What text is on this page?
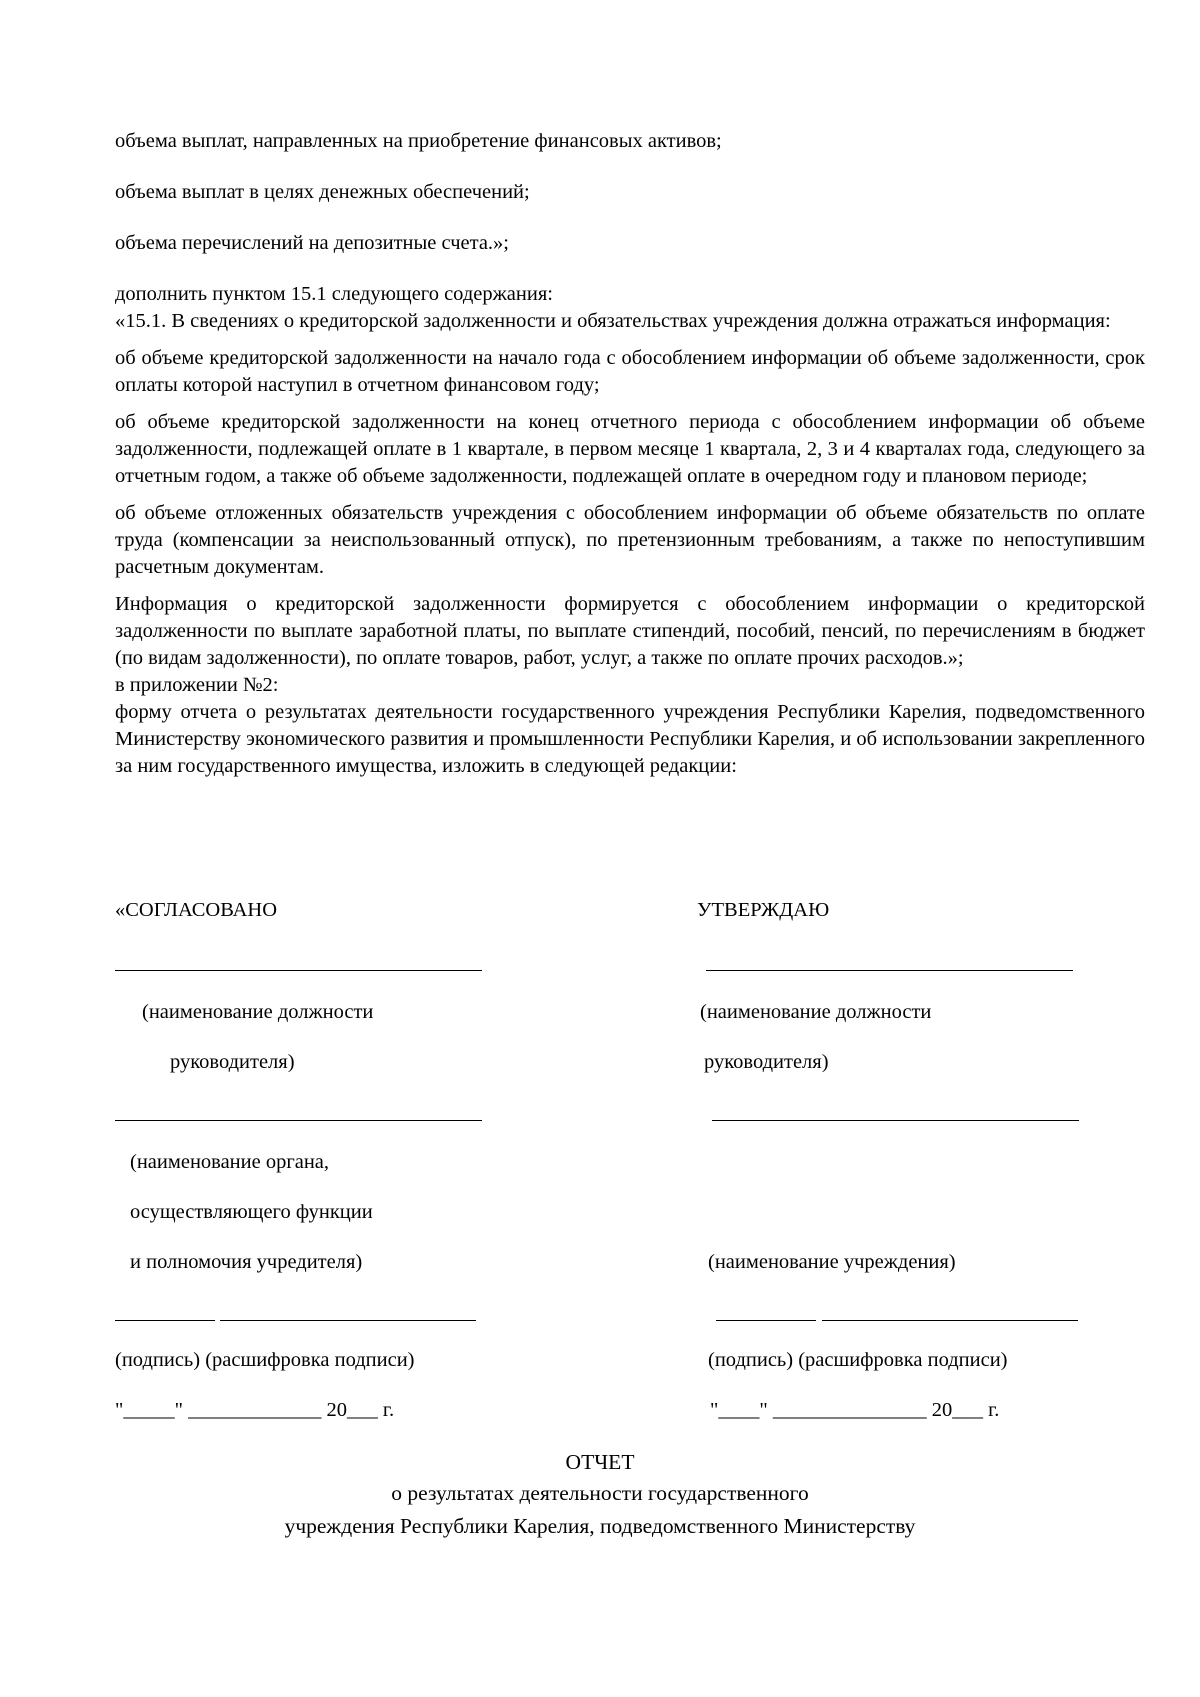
объема выплат, направленных на приобретение финансовых активов;

объема выплат в целях денежных обеспечений;

объема перечислений на депозитные счета.»;

дополнить пунктом 15.1 следующего содержания:

«15.1. В сведениях о кредиторской задолженности и обязательствах учреждения должна отражаться информация:

об объеме кредиторской задолженности на начало года с обособлением информации об объеме задолженности, срок оплаты которой наступил в отчетном финансовом году;

об объеме кредиторской задолженности на конец отчетного периода с обособлением информации об объеме задолженности, подлежащей оплате в 1 квартале, в первом месяце 1 квартала, 2, 3 и 4 кварталах года, следующего за отчетным годом, а также об объеме задолженности, подлежащей оплате в очередном году и плановом периоде;

об объеме отложенных обязательств учреждения с обособлением информации об объеме обязательств по оплате труда (компенсации за неиспользованный отпуск), по претензионным требованиям, а также по непоступившим расчетным документам.

Информация о кредиторской задолженности формируется с обособлением информации о кредиторской задолженности по выплате заработной платы, по выплате стипендий, пособий, пенсий, по перечислениям в бюджет (по видам задолженности), по оплате товаров, работ, услуг, а также по оплате прочих расходов.»;

в приложении №2:

форму отчета о результатах деятельности государственного учреждения Республики Карелия, подведомственного Министерству экономического развития и промышленности Республики Карелия, и об использовании закрепленного за ним государственного имущества, изложить в следующей редакции:

«СОГЛАСОВАНО	УТВЕРЖДАЮ
(наименование должности	(наименование должности
руководителя)	руководителя)
(наименование органа,
осуществляющего функции
и полномочия учредителя)	(наименование учреждения)
(подпись) (расшифровка подписи)	(подпись) (расшифровка подписи)
"_____" _____________ 20___ г.	"____" _______________ 20___ г.
ОТЧЕТ
о результатах деятельности государственного
учреждения Республики Карелия, подведомственного Министерству
